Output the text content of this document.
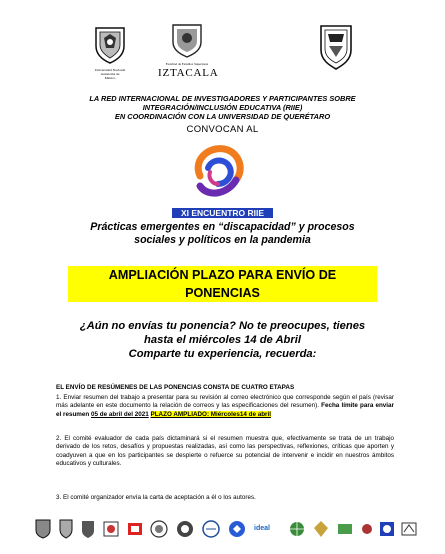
Universidad Nacional
Autónoma de
México
Facultad de Estudios Superiores
IZTACALA
LA RED INTERNACIONAL DE INVESTIGADORES Y PARTICIPANTES SOBRE
INTEGRACIÓN/INCLUSIÓN EDUCATIVA (RIIE)
EN COORDINACIÓN CON LA UNIVERSIDAD DE QUERÉTARO
CONVOCAN AL
XI ENCUENTRO RIIE
Prácticas emergentes en “discapacidad” y procesos
sociales y políticos en la pandemia
AMPLIACIÓN PLAZO PARA ENVÍO DE
PONENCIAS
¿Aún no envías tu ponencia? No te preocupes, tienes
hasta el miércoles 14 de Abril
Comparte tu experiencia, recuerda:
EL ENVÍO DE RESÚMENES DE LAS PONENCIAS CONSTA DE CUATRO ETAPAS
1. Enviar resumen del trabajo a presentar para su revisión al correo electrónico que corresponde según el país (revisar más adelante en este documento la relación de correos y las especificaciones del resumen). Fecha límite para enviar el resumen 05 de abril del 2021 PLAZO AMPLIADO: Miércoles14 de abril
2. El comité evaluador de cada país dictaminará si el resumen muestra que, efectivamente se trata de un trabajo derivado de los retos, desafíos y propuestas realizadas, así como las perspectivas, reflexiones, críticas que aporten y coadyuven a que en los participantes se despierte o refuerce su potencial de intervenir e incidir en nuestros ámbitos educativos y culturales.
3. El comité organizador envía la carta de aceptación a él o los autores.
ideal
